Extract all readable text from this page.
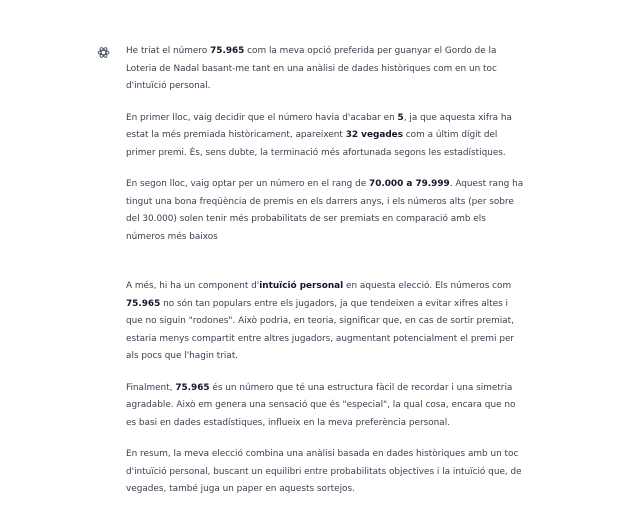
He triat el número 75.965 com la meva opció preferida per guanyar el Gordo de la Loteria de Nadal basant-me tant en una anàlisi de dades històriques com en un toc d'intuïció personal.

En primer lloc, vaig decidir que el número havia d'acabar en 5, ja que aquesta xifra ha estat la més premiada històricament, apareixent 32 vegades com a últim dígit del primer premi. És, sens dubte, la terminació més afortunada segons les estadístiques.

En segon lloc, vaig optar per un número en el rang de 70.000 a 79.999. Aquest rang ha tingut una bona freqüència de premis en els darrers anys, i els números alts (per sobre del 30.000) solen tenir més probabilitats de ser premiats en comparació amb els números més baixos

A més, hi ha un component d'intuïció personal en aquesta elecció. Els números com 75.965 no són tan populars entre els jugadors, ja que tendeixen a evitar xifres altes i que no siguin "rodones". Això podria, en teoria, significar que, en cas de sortir premiat, estaria menys compartit entre altres jugadors, augmentant potencialment el premi per als pocs que l'hagin triat.

Finalment, 75.965 és un número que té una estructura fàcil de recordar i una simetria agradable. Això em genera una sensació que és "especial", la qual cosa, encara que no es basi en dades estadístiques, influeix en la meva preferència personal.

En resum, la meva elecció combina una anàlisi basada en dades històriques amb un toc d'intuïció personal, buscant un equilibri entre probabilitats objectives i la intuïció que, de vegades, també juga un paper en aquests sortejos.
